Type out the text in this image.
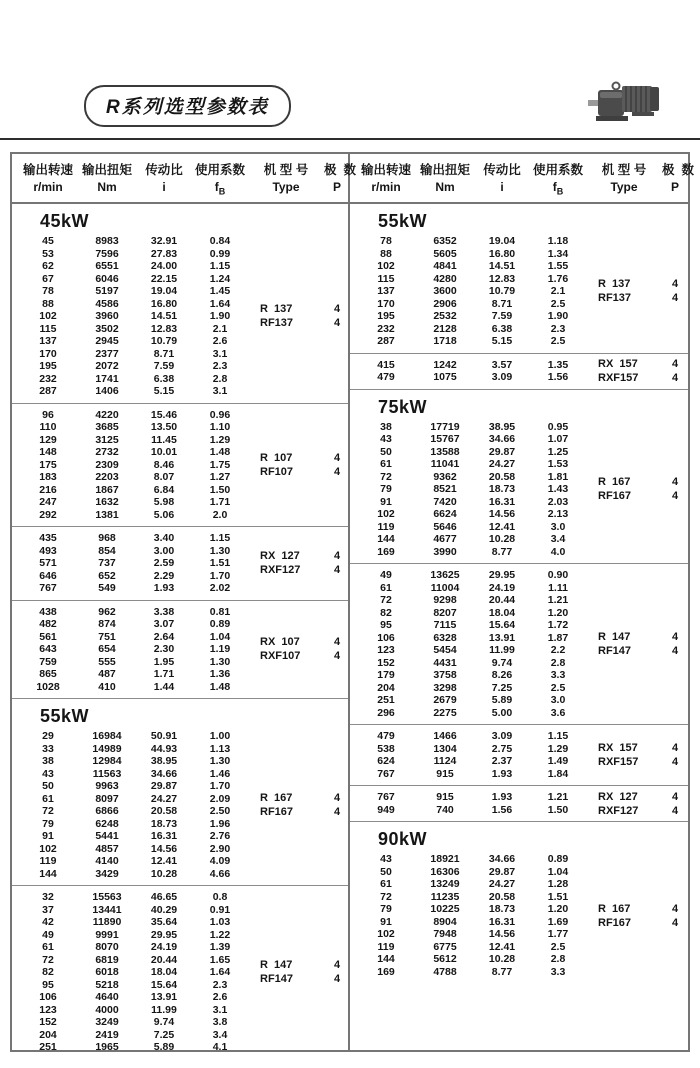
R系列选型参数表
输出转速
r/min
输出扭矩
Nm
传动比
i
使用系数
$f_B$
机 型 号
Type
极  数
P
45kW
45	8983	32.91	0.84
53	7596	27.83	0.99
62	6551	24.00	1.15
67	6046	22.15	1.24
78	5197	19.04	1.45
88	4586	16.80	1.64
102	3960	14.51	1.90
115	3502	12.83	2.1
137	2945	10.79	2.6
170	2377	8.71	3.1
195	2072	7.59	2.3
232	1741	6.38	2.8
287	1406	5.15	3.1
R  137	4
RF137	4
96	4220	15.46	0.96
110	3685	13.50	1.10
129	3125	11.45	1.29
148	2732	10.01	1.48
175	2309	8.46	1.75
183	2203	8.07	1.27
216	1867	6.84	1.50
247	1632	5.98	1.71
292	1381	5.06	2.0
R  107	4
RF107	4
435	968	3.40	1.15
493	854	3.00	1.30
571	737	2.59	1.51
646	652	2.29	1.70
767	549	1.93	2.02
RX  127	4
RXF127	4
438	962	3.38	0.81
482	874	3.07	0.89
561	751	2.64	1.04
643	654	2.30	1.19
759	555	1.95	1.30
865	487	1.71	1.36
1028	410	1.44	1.48
RX  107	4
RXF107	4
55kW
29	16984	50.91	1.00
33	14989	44.93	1.13
38	12984	38.95	1.30
43	11563	34.66	1.46
50	9963	29.87	1.70
61	8097	24.27	2.09
72	6866	20.58	2.50
79	6248	18.73	1.96
91	5441	16.31	2.76
102	4857	14.56	2.90
119	4140	12.41	4.09
144	3429	10.28	4.66
R  167	4
RF167	4
32	15563	46.65	0.8
37	13441	40.29	0.91
42	11890	35.64	1.03
49	9991	29.95	1.22
61	8070	24.19	1.39
72	6819	20.44	1.65
82	6018	18.04	1.64
95	5218	15.64	2.3
106	4640	13.91	2.6
123	4000	11.99	3.1
152	3249	9.74	3.8
204	2419	7.25	3.4
251	1965	5.89	4.1
R  147	4
RF147	4
输出转速
r/min
输出扭矩
Nm
传动比
i
使用系数
$f_B$
机 型 号
Type
极  数
P
55kW
78	6352	19.04	1.18
88	5605	16.80	1.34
102	4841	14.51	1.55
115	4280	12.83	1.76
137	3600	10.79	2.1
170	2906	8.71	2.5
195	2532	7.59	1.90
232	2128	6.38	2.3
287	1718	5.15	2.5
R  137	4
RF137	4
415	1242	3.57	1.35
479	1075	3.09	1.56
RX  157	4
RXF157	4
75kW
38	17719	38.95	0.95
43	15767	34.66	1.07
50	13588	29.87	1.25
61	11041	24.27	1.53
72	9362	20.58	1.81
79	8521	18.73	1.43
91	7420	16.31	2.03
102	6624	14.56	2.13
119	5646	12.41	3.0
144	4677	10.28	3.4
169	3990	8.77	4.0
R  167	4
RF167	4
49	13625	29.95	0.90
61	11004	24.19	1.11
72	9298	20.44	1.21
82	8207	18.04	1.20
95	7115	15.64	1.72
106	6328	13.91	1.87
123	5454	11.99	2.2
152	4431	9.74	2.8
179	3758	8.26	3.3
204	3298	7.25	2.5
251	2679	5.89	3.0
296	2275	5.00	3.6
R  147	4
RF147	4
479	1466	3.09	1.15
538	1304	2.75	1.29
624	1124	2.37	1.49
767	915	1.93	1.84
RX  157	4
RXF157	4
767	915	1.93	1.21
949	740	1.56	1.50
RX  127	4
RXF127	4
90kW
43	18921	34.66	0.89
50	16306	29.87	1.04
61	13249	24.27	1.28
72	11235	20.58	1.51
79	10225	18.73	1.20
91	8904	16.31	1.69
102	7948	14.56	1.77
119	6775	12.41	2.5
144	5612	10.28	2.8
169	4788	8.77	3.3
R  167	4
RF167	4
